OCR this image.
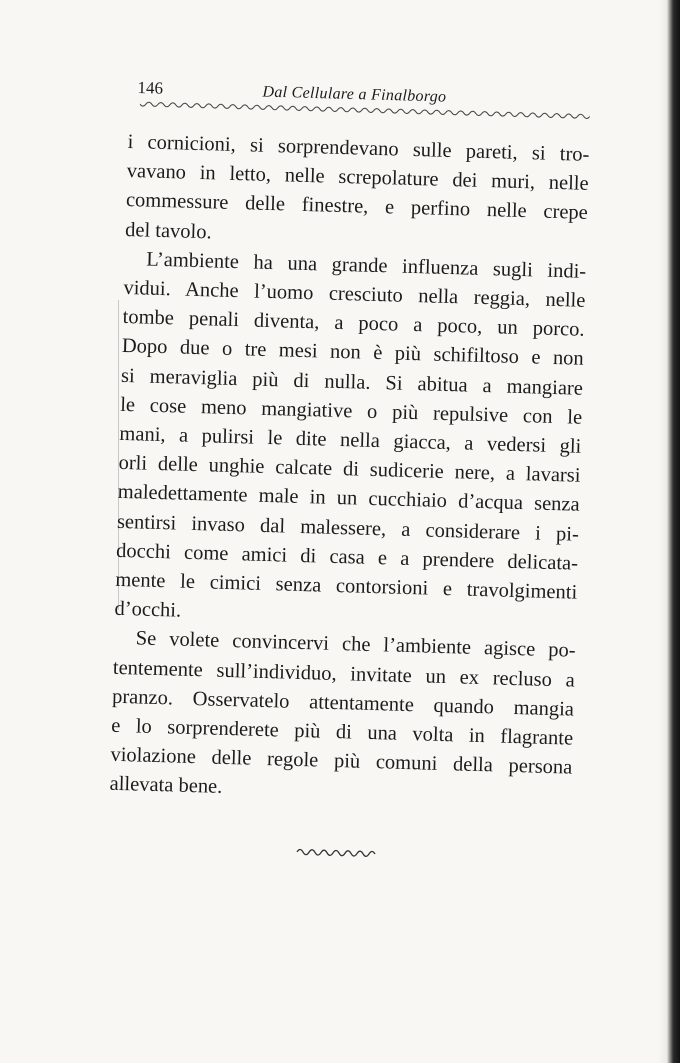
146	Dal Cellulare a Finalborgo

i cornicioni, si sorprendevano sulle pareti, si tro-
vavano in letto, nelle screpolature dei muri, nelle
commessure delle finestre, e perfino nelle crepe
del tavolo.

L’ambiente ha una grande influenza sugli indi-
vidui. Anche l’uomo cresciuto nella reggia, nelle
tombe penali diventa, a poco a poco, un porco.
Dopo due o tre mesi non è più schifiltoso e non
si meraviglia più di nulla. Si abitua a mangiare
le cose meno mangiative o più repulsive con le
mani, a pulirsi le dite nella giacca, a vedersi gli
orli delle unghie calcate di sudicerie nere, a lavarsi
maledettamente male in un cucchiaio d’acqua senza
sentirsi invaso dal malessere, a considerare i pi-
docchi come amici di casa e a prendere delicata-
mente le cimici senza contorsioni e travolgimenti
d’occhi.

Se volete convincervi che l’ambiente agisce po-
tentemente sull’individuo, invitate un ex recluso a
pranzo. Osservatelo attentamente quando mangia
e lo sorprenderete più di una volta in flagrante
violazione delle regole più comuni della persona
allevata bene.
